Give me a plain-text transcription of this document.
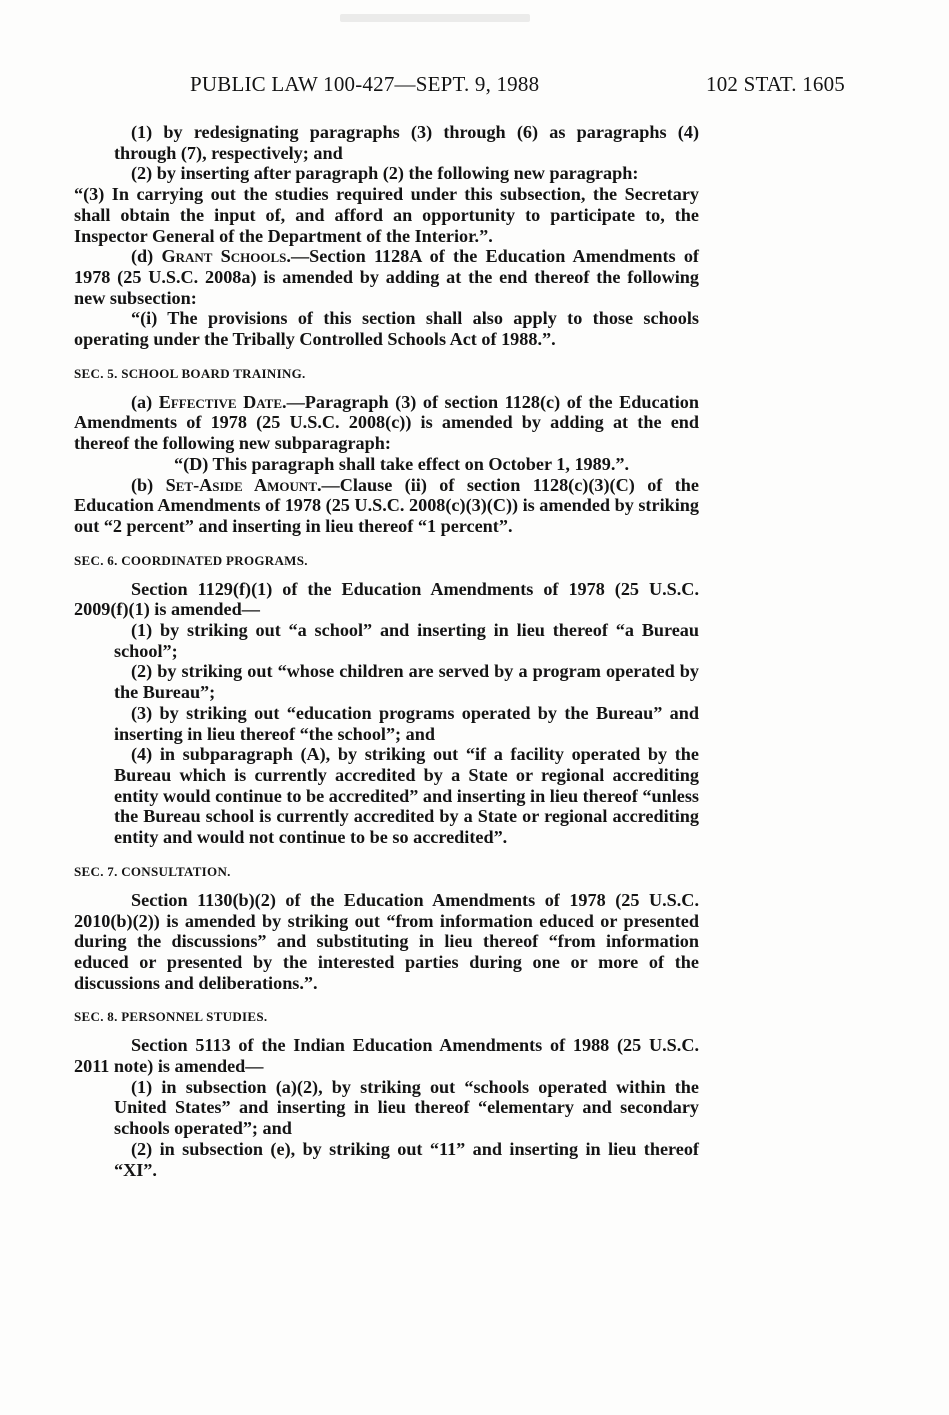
PUBLIC LAW 100-427—SEPT. 9, 1988	102 STAT. 1605

(1) by redesignating paragraphs (3) through (6) as paragraphs (4) through (7), respectively; and

(2) by inserting after paragraph (2) the following new paragraph:

“(3) In carrying out the studies required under this subsection, the Secretary shall obtain the input of, and afford an opportunity to participate to, the Inspector General of the Department of the Interior.”.

(d) Grant Schools.—Section 1128A of the Education Amendments of 1978 (25 U.S.C. 2008a) is amended by adding at the end thereof the following new subsection:

“(i) The provisions of this section shall also apply to those schools operating under the Tribally Controlled Schools Act of 1988.”.

SEC. 5. SCHOOL BOARD TRAINING.

(a) Effective Date.—Paragraph (3) of section 1128(c) of the Education Amendments of 1978 (25 U.S.C. 2008(c)) is amended by adding at the end thereof the following new subparagraph:

“(D) This paragraph shall take effect on October 1, 1989.”.

(b) Set-Aside Amount.—Clause (ii) of section 1128(c)(3)(C) of the Education Amendments of 1978 (25 U.S.C. 2008(c)(3)(C)) is amended by striking out “2 percent” and inserting in lieu thereof “1 percent”.

SEC. 6. COORDINATED PROGRAMS.

Section 1129(f)(1) of the Education Amendments of 1978 (25 U.S.C. 2009(f)(1) is amended—

(1) by striking out “a school” and inserting in lieu thereof “a Bureau school”;

(2) by striking out “whose children are served by a program operated by the Bureau”;

(3) by striking out “education programs operated by the Bureau” and inserting in lieu thereof “the school”; and

(4) in subparagraph (A), by striking out “if a facility operated by the Bureau which is currently accredited by a State or regional accrediting entity would continue to be accredited” and inserting in lieu thereof “unless the Bureau school is currently accredited by a State or regional accrediting entity and would not continue to be so accredited”.

SEC. 7. CONSULTATION.

Section 1130(b)(2) of the Education Amendments of 1978 (25 U.S.C. 2010(b)(2)) is amended by striking out “from information educed or presented during the discussions” and substituting in lieu thereof “from information educed or presented by the interested parties during one or more of the discussions and deliberations.”.

SEC. 8. PERSONNEL STUDIES.

Section 5113 of the Indian Education Amendments of 1988 (25 U.S.C. 2011 note) is amended—

(1) in subsection (a)(2), by striking out “schools operated within the United States” and inserting in lieu thereof “elementary and secondary schools operated”; and

(2) in subsection (e), by striking out “11” and inserting in lieu thereof “XI”.
